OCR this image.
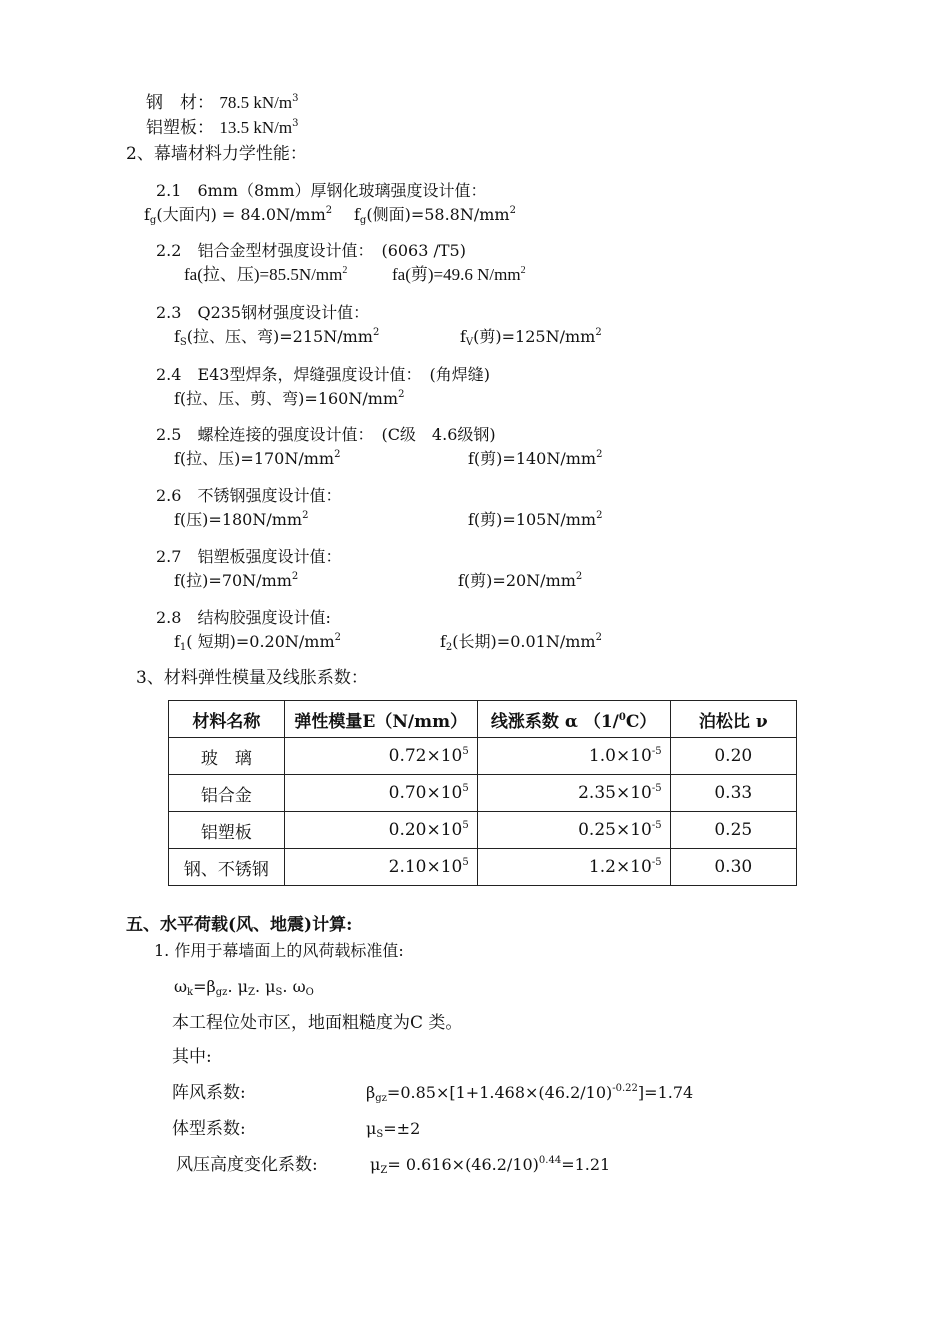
钢　材： 78.5 $kN/m^3$
铝塑板： 13.5 $kN/m^3$
2、幕墙材料力学性能：
2.1　6mm（8mm）厚钢化玻璃强度设计值：
$f_g$(大面内) = $84.0N/mm^2$ $f_g$(侧面)$=58.8N/mm^2$
2.2　铝合金型材强度设计值：　(6063 /T5)
fa(拉、压)$=85.5N/mm^2$	fa(剪)=49.6 $N/mm^2$
2.3　Q235钢材强度设计值：
$f_S$(拉、压、弯)$=215N/mm^2$	$f_V$(剪)$=125N/mm^2$
2.4　E43型焊条，焊缝强度设计值：　(角焊缝)
f(拉、压、剪、弯)$=160N/mm^2$
2.5　螺栓连接的强度设计值：　(C级　4.6级钢)
f(拉、压)$=170N/mm^2$	f(剪)$=140N/mm^2$
2.6　不锈钢强度设计值：
f(压)$=180N/mm^2$	f(剪)$=105N/mm^2$
2.7　铝塑板强度设计值：
f(拉)$=70N/mm^2$	f(剪)$=20N/mm^2$
2.8　结构胶强度设计值:
$f_1$( 短期)$=0.20N/mm^2$	$f_2$(长期)$=0.01N/mm^2$
3、材料弹性模量及线胀系数：
材料名称	弹性模量E（N/mm）	线涨系数 α （1/$^0$C）	泊松比 ν
玻　璃	$0.72\times 10^5$	$1.0\times 10^{-5}$	0.20
铝合金	$0.70\times 10^5$	$2.35\times 10^{-5}$	0.33
铝塑板	$0.20\times 10^5$	$0.25\times 10^{-5}$	0.25
钢、不锈钢	$2.10\times 10^5$	$1.2\times 10^{-5}$	0.30
五、水平荷载(风、地震)计算:
1. 作用于幕墙面上的风荷载标准值:
$\omega_k=\beta_{gz}$. $\mu_Z$. $\mu_S$. $\omega_O$
本工程位处市区，地面粗糙度为C 类。
其中:
阵风系数:	$\beta_{gz}=0.85\times[1+1.468\times(46.2/10)^{-0.22}]=1.74$
体型系数:	$\mu_S=\pm 2$
风压高度变化系数:	$\mu_Z= 0.616\times(46.2/10)^{0.44}=1.21$
